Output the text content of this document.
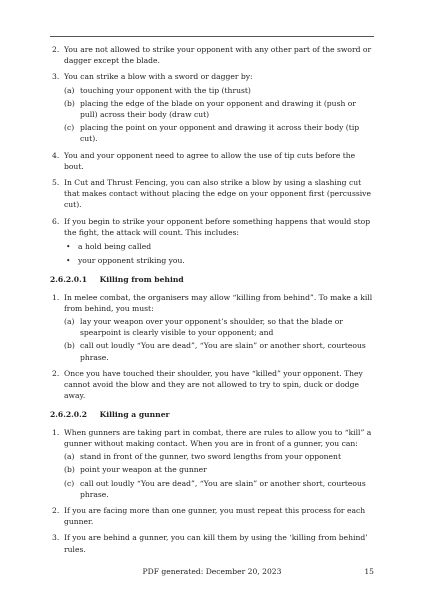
2. You are not allowed to strike your opponent with any other part of the sword or dagger except the blade.
3. You can strike a blow with a sword or dagger by:
(a) touching your opponent with the tip (thrust)
(b) placing the edge of the blade on your opponent and drawing it (push or pull) across their body (draw cut)
(c) placing the point on your opponent and drawing it across their body (tip cut).
4. You and your opponent need to agree to allow the use of tip cuts before the bout.
5. In Cut and Thrust Fencing, you can also strike a blow by using a slashing cut that makes contact without placing the edge on your opponent first (percussive cut).
6. If you begin to strike your opponent before something happens that would stop the fight, the attack will count. This includes:
• a hold being called
• your opponent striking you.
2.6.2.0.1 Killing from behind
1. In melee combat, the organisers may allow “killing from behind”. To make a kill from behind, you must:
(a) lay your weapon over your opponent’s shoulder, so that the blade or spearpoint is clearly visible to your opponent; and
(b) call out loudly “You are dead”, “You are slain” or another short, courteous phrase.
2. Once you have touched their shoulder, you have “killed” your opponent. They cannot avoid the blow and they are not allowed to try to spin, duck or dodge away.
2.6.2.0.2 Killing a gunner
1. When gunners are taking part in combat, there are rules to allow you to “kill” a gunner without making contact. When you are in front of a gunner, you can:
(a) stand in front of the gunner, two sword lengths from your opponent
(b) point your weapon at the gunner
(c) call out loudly “You are dead”, “You are slain” or another short, courteous phrase.
2. If you are facing more than one gunner, you must repeat this process for each gunner.
3. If you are behind a gunner, you can kill them by using the ‘killing from behind’ rules.
PDF generated: December 20, 2023	15
